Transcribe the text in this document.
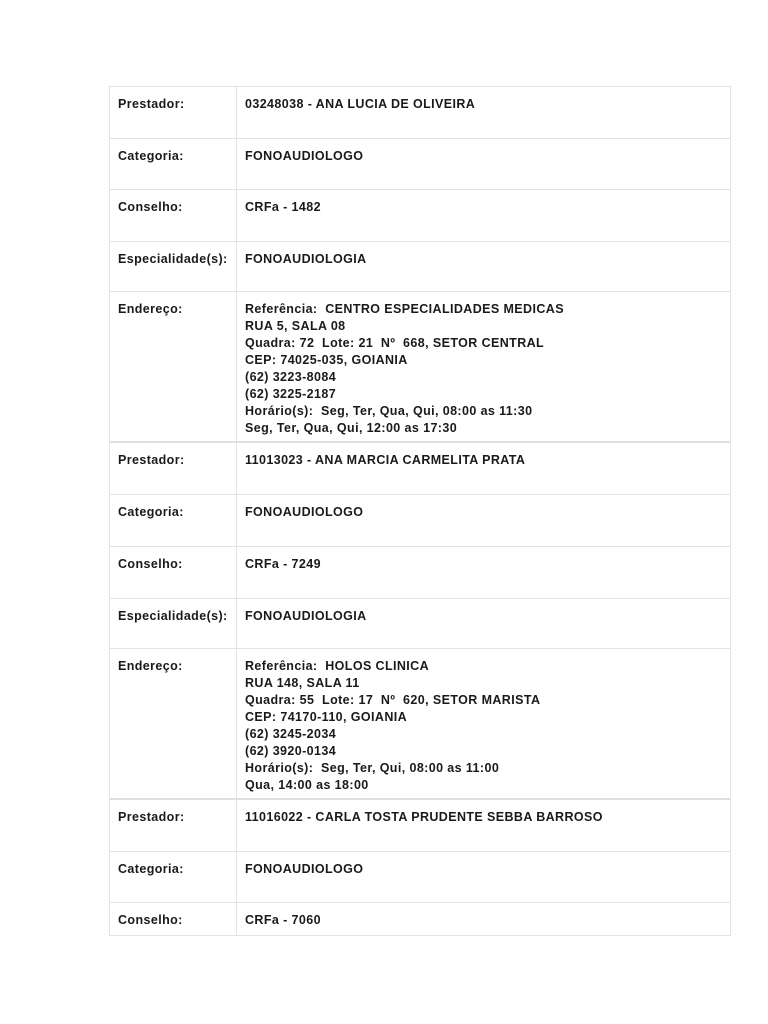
Prestador:	03248038 - ANA LUCIA DE OLIVEIRA
Categoria:	FONOAUDIOLOGO
Conselho:	CRFa - 1482
Especialidade(s):	FONOAUDIOLOGIA
Endereço:	Referência:  CENTRO ESPECIALIDADES MEDICAS
RUA 5, SALA 08
Quadra: 72  Lote: 21  Nº  668, SETOR CENTRAL
CEP: 74025-035, GOIANIA
(62) 3223-8084
(62) 3225-2187
Horário(s):  Seg, Ter, Qua, Qui, 08:00 as 11:30
Seg, Ter, Qua, Qui, 12:00 as 17:30
Prestador:	11013023 - ANA MARCIA CARMELITA PRATA
Categoria:	FONOAUDIOLOGO
Conselho:	CRFa - 7249
Especialidade(s):	FONOAUDIOLOGIA
Endereço:	Referência:  HOLOS CLINICA
RUA 148, SALA 11
Quadra: 55  Lote: 17  Nº  620, SETOR MARISTA
CEP: 74170-110, GOIANIA
(62) 3245-2034
(62) 3920-0134
Horário(s):  Seg, Ter, Qui, 08:00 as 11:00
Qua, 14:00 as 18:00
Prestador:	11016022 - CARLA TOSTA PRUDENTE SEBBA BARROSO
Categoria:	FONOAUDIOLOGO
Conselho:	CRFa - 7060
